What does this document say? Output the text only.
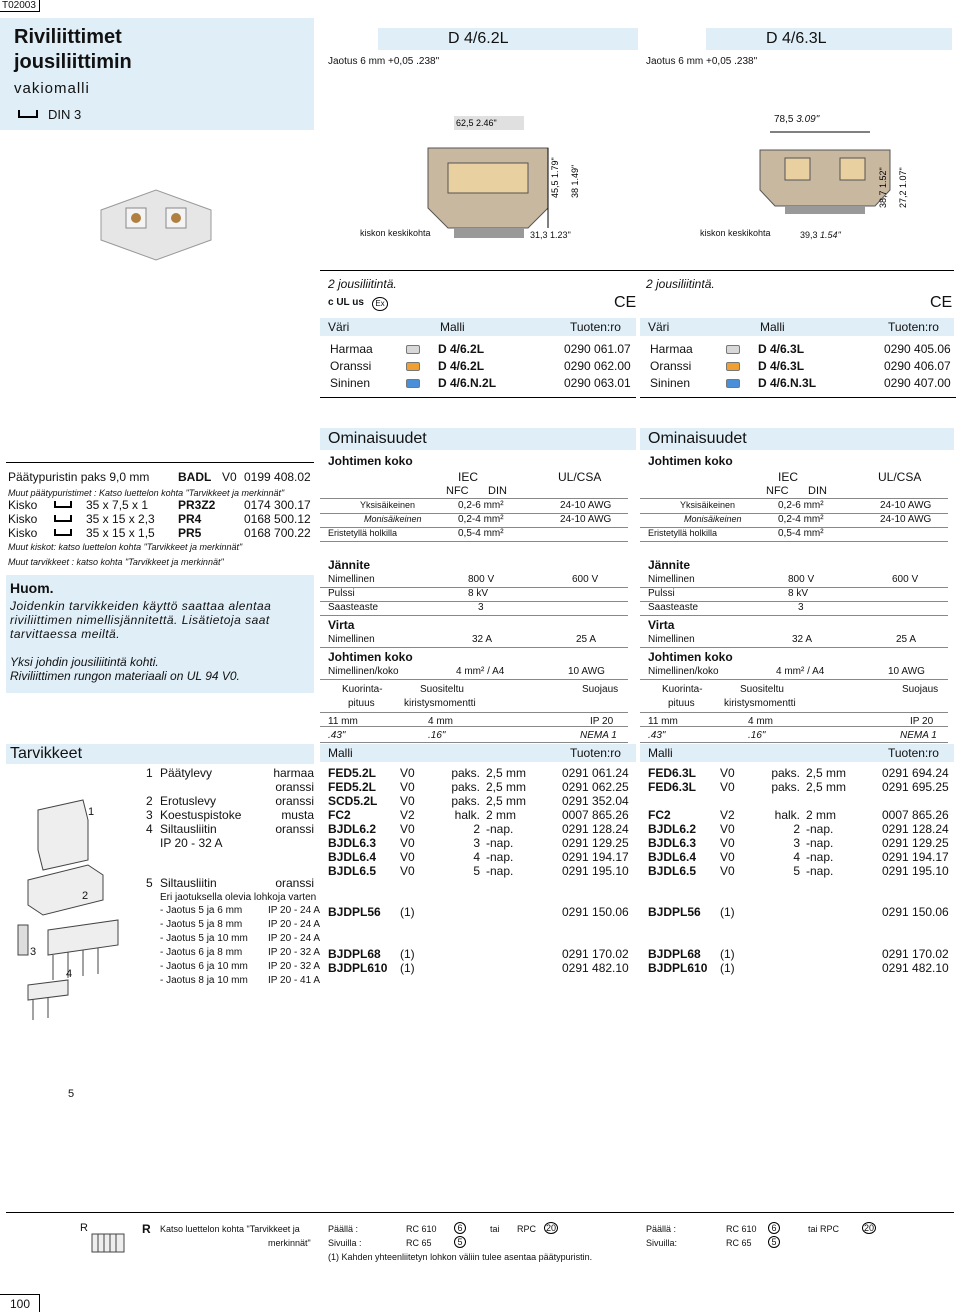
T02003
Riviliittimet
jousiliittimin
vakiomalli
DIN 3
D 4/6.2L
Jaotus 6 mm +0,05 .238"
62,5 2.46"
45,5 1.79" 38 1.49"
kiskon keskikohta	31,3 1.23"
D 4/6.3L
Jaotus 6 mm +0,05 .238"
78,5 3.09"
38,7 1.52" 27,2 1.07"
kiskon keskikohta	39,3 1.54"
2 jousiliitintä.	2 jousiliitintä.
c UL us	Ex	CE	CE
Väri	Malli	Tuoten:ro Väri	Malli	Tuoten:ro
Harmaa	D 4/6.2L	0290 061.07
Oranssi	D 4/6.2L	0290 062.00
Sininen	D 4/6.N.2L	0290 063.01
Harmaa	D 4/6.3L	0290 405.06
Oranssi	D 4/6.3L	0290 406.07
Sininen	D 4/6.N.3L	0290 407.00
Ominaisuudet	Ominaisuudet
Johtimen koko
IEC	UL/CSA
NFC DIN
Yksisäikeinen	0,2-6 mm²	24-10 AWG
Monisäikeinen	0,2-4 mm²	24-10 AWG
Eristetyllä holkilla	0,5-4 mm²
Jännite
Nimellinen	800 V	600 V
Pulssi	8 kV
Saasteaste	3
Virta
Nimellinen	32 A	25 A
Johtimen koko
Nimellinen/koko	4 mm² / A4	10 AWG
Kuorinta-
pituus
Suositeltu
kiristysmomentti
Suojaus
11 mm	4 mm	IP 20
.43"	.16"	NEMA 1
Johtimen koko
IEC	UL/CSA
NFC DIN
Yksisäikeinen	0,2-6 mm²	24-10 AWG
Monisäikeinen	0,2-4 mm²	24-10 AWG
Eristetyllä holkilla	0,5-4 mm²
Jännite
Nimellinen	800 V	600 V
Pulssi	8 kV
Saasteaste	3
Virta
Nimellinen	32 A	25 A
Johtimen koko
Nimellinen/koko	4 mm² / A4	10 AWG
Kuorinta-
pituus
Suositeltu
kiristysmomentti
Suojaus
11 mm	4 mm	IP 20
.43"	.16"	NEMA 1
Päätypuristin paks 9,0 mm BADL V0 0199 408.02
Muut päätypuristimet : Katso luettelon kohta "Tarvikkeet ja merkinnät"
Kisko	35 x 7,5 x 1 PR3Z2 0174 300.17
Kisko	35 x 15 x 2,3 PR4	0168 500.12
Kisko	35 x 15 x 1,5 PR5	0168 700.22
Muut kiskot: katso luettelon kohta "Tarvikkeet ja merkinnät"
Muut tarvikkeet : katso kohta "Tarvikkeet ja merkinnät"
Huom.
Joidenkin tarvikkeiden käyttö saattaa alentaa
riviliittimen nimellisjännitettä. Lisätietoja saat
tarvittaessa meiltä.
Yksi johdin jousiliitintä kohti.
Riviliittimen rungon materiaali on UL 94 V0.
Tarvikkeet
1
2
3
4
5
1 Päätylevy	harmaa
oranssi
2 Erotuslevy	oranssi
3 Koestuspistoke	musta
4 Siltausliitin	oranssi
IP 20 - 32 A
5 Siltausliitin	oranssi
Eri jaotuksella olevia lohkoja varten
- Jaotus 5 ja 6 mm	IP 20 - 24 A
- Jaotus 5 ja 8 mm	IP 20 - 24 A
- Jaotus 5 ja 10 mm IP 20 - 24 A
- Jaotus 6 ja 8 mm	IP 20 - 32 A
- Jaotus 6 ja 10 mm IP 20 - 32 A
- Jaotus 8 ja 10 mm IP 20 - 41 A
Malli	Tuoten:ro Malli	Tuoten:ro
FED5.2L V0	paks. 2,5 mm	0291 061.24
FED5.2L V0	paks. 2,5 mm	0291 062.25
SCD5.2L V0	paks. 2,5 mm	0291 352.04
FC2	V2	halk. 2 mm	0007 865.26
BJDL6.2 V0	2 -nap.	0291 128.24
BJDL6.3 V0	3 -nap.	0291 129.25
BJDL6.4 V0	4 -nap.	0291 194.17
BJDL6.5 V0	5 -nap.	0291 195.10
BJDPL56 (1)	0291 150.06
BJDPL68 (1)	0291 170.02
BJDPL610 (1)	0291 482.10
FED6.3L V0	paks. 2,5 mm	0291 694.24
FED6.3L V0	paks. 2,5 mm	0291 695.25
FC2	V2	halk. 2 mm	0007 865.26
BJDL6.2 V0	2 -nap.	0291 128.24
BJDL6.3 V0	3 -nap.	0291 129.25
BJDL6.4 V0	4 -nap.	0291 194.17
BJDL6.5 V0	5 -nap.	0291 195.10
BJDPL56 (1)	0291 150.06
BJDPL68 (1)	0291 170.02
BJDPL610 (1)	0291 482.10
R	R Katso luettelon kohta "Tarvikkeet ja
merkinnät"
Päällä :	RC 610	6	tai RPC 20
Sivuilla :	RC 65	5
Päällä :	RC 610	6	tai RPC	20
Sivuilla:	RC 65	5
(1) Kahden yhteenliitetyn lohkon väliin tulee asentaa päätypuristin.
100
